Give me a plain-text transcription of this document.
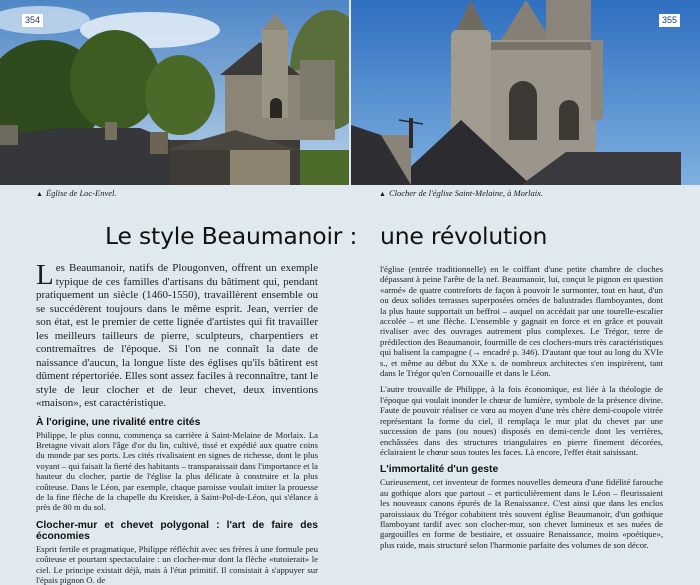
354	355
▲ Église de Loc-Envel.	▲ Clocher de l'église Saint-Melaine, à Morlaix.
Le style Beaumanoir : une révolution

Les Beaumanoir, natifs de Plougonven, offrent un exemple typique de ces familles d'artisans du bâtiment qui, pendant pratiquement un siècle (1460-1550), travaillèrent ensemble ou se succédèrent toujours dans le même esprit. Jean, verrier de son état, est le premier de cette lignée d'artistes qui fit travailler les meilleurs tailleurs de pierre, sculpteurs, charpentiers et contremaîtres de l'époque. Si l'on ne connaît la date de naissance d'aucun, la longue liste des églises qu'ils bâtirent est dûment répertoriée. Elles sont assez faciles à reconnaître, tant le style de leur clocher et de leur chevet, deux inventions «maison», est caractéristique.

À l'origine, une rivalité entre cités

Philippe, le plus connu, commença sa carrière à Saint-Melaine de Morlaix. La Bretagne vivait alors l'âge d'or du lin, cultivé, tissé et expédié aux quatre coins du monde par ses ports. Les cités rivalisaient en signes de richesse, dont le plus voyant – qui faisait la fierté des habitants – transparaissait dans l'importance et la hauteur du clocher, partie de l'église la plus délicate à construire et la plus coûteuse. Dans le Léon, par exemple, chaque paroisse voulait imiter la prouesse de la fine flèche de la chapelle du Kreisker, à Saint-Pol-de-Léon, qui s'élance à près de 80 m du sol.

Clocher-mur et chevet polygonal : l'art de faire des économies

Esprit fertile et pragmatique, Philippe réfléchit avec ses frères à une formule peu coûteuse et pourtant spectaculaire : un clocher-mur dont la flèche «tutoierait» le ciel. Le principe existait déjà, mais à l'état primitif. Il consistait à s'appuyer sur l'épais pignon O. de

l'église (entrée traditionnelle) en le coiffant d'une petite chambre de cloches dépassant à peine l'arête de la nef. Beaumanoir, lui, conçut le pignon en question «armé» de quatre contreforts de façon à pouvoir le surmonter, tout en haut, d'un ou deux solides terrasses superposées ornées de balustrades flamboyantes, dont la plus haute supportait un beffroi – auquel on accédait par une tourelle-escalier accolée – et une flèche. L'ensemble y gagnait en force et en grâce et pouvait rivaliser avec des ouvrages autrement plus complexes. Le Trégor, terre de prédilection des Beaumanoir, fourmille de ces clochers-murs très caractéristiques qui balisent la campagne (→ encadré p. 346). D'autant que tout au long du XVIe s., et même au début du XXe s. de nombreux architectes s'en inspirèrent, tant dans le Trégor qu'en Cornouaille et dans le Léon.

L'autre trouvaille de Philippe, à la fois économique, est liée à la théologie de l'époque qui voulait inonder le chœur de lumière, symbole de la présence divine. Faute de pouvoir réaliser ce vœu au moyen d'une très chère demi-coupole vitrée représentant la forme du ciel, il remplaça le mur plat du chevet par une succession de pans (ou noues) disposés en demi-cercle dont les verrières, enchâssées dans des structures triangulaires en pierre finement décorées, éclairaient le chœur sous toutes les faces. Là encore, l'effet était saisissant.

L'immortalité d'un geste

Curieusement, cet inventeur de formes nouvelles demeura d'une fidélité farouche au gothique alors que partout – et particulièrement dans le Léon – fleurissaient les nouveaux canons épurés de la Renaissance. C'est ainsi que dans les enclos paroissiaux du Trégor cohabitent très souvent église Beaumanoir, d'un gothique flamboyant tardif avec son clocher-mur, son chevet lumineux et ses nuées de gargouilles en forme de bestiaire, et ossuaire Renaissance, moins «poétique», plus raide, mais structuré selon l'harmonie parfaite des volumes de son décor.
